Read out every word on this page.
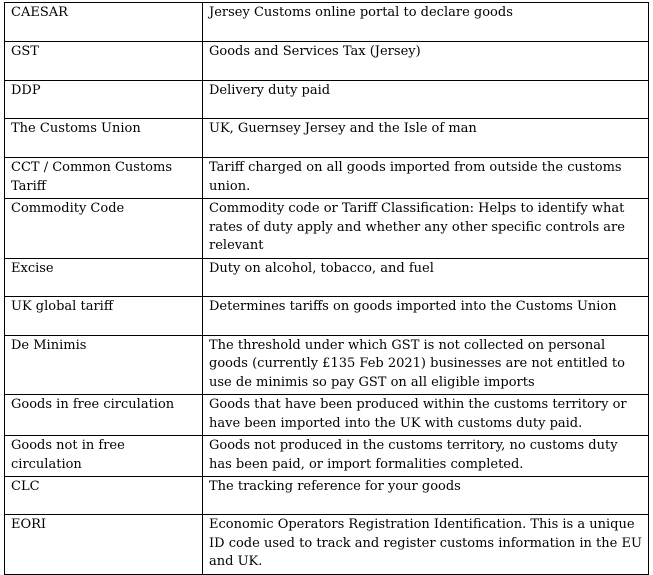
CAESAR	Jersey Customs online portal to declare goods
GST	Goods and Services Tax (Jersey)
DDP	Delivery duty paid
The Customs Union	UK, Guernsey Jersey and the Isle of man
CCT / Common Customs Tariff	Tariff charged on all goods imported from outside the customs union.
Commodity Code	Commodity code or Tariff Classification: Helps to identify what rates of duty apply and whether any other specific controls are relevant
Excise	Duty on alcohol, tobacco, and fuel
UK global tariff	Determines tariffs on goods imported into the Customs Union
De Minimis	The threshold under which GST is not collected on personal goods (currently £135 Feb 2021) businesses are not entitled to use de minimis so pay GST on all eligible imports
Goods in free circulation	Goods that have been produced within the customs territory or have been imported into the UK with customs duty paid.
Goods not in free circulation	Goods not produced in the customs territory, no customs duty has been paid, or import formalities completed.
CLC	The tracking reference for your goods
EORI	Economic Operators Registration Identification. This is a unique ID code used to track and register customs information in the EU and UK.
